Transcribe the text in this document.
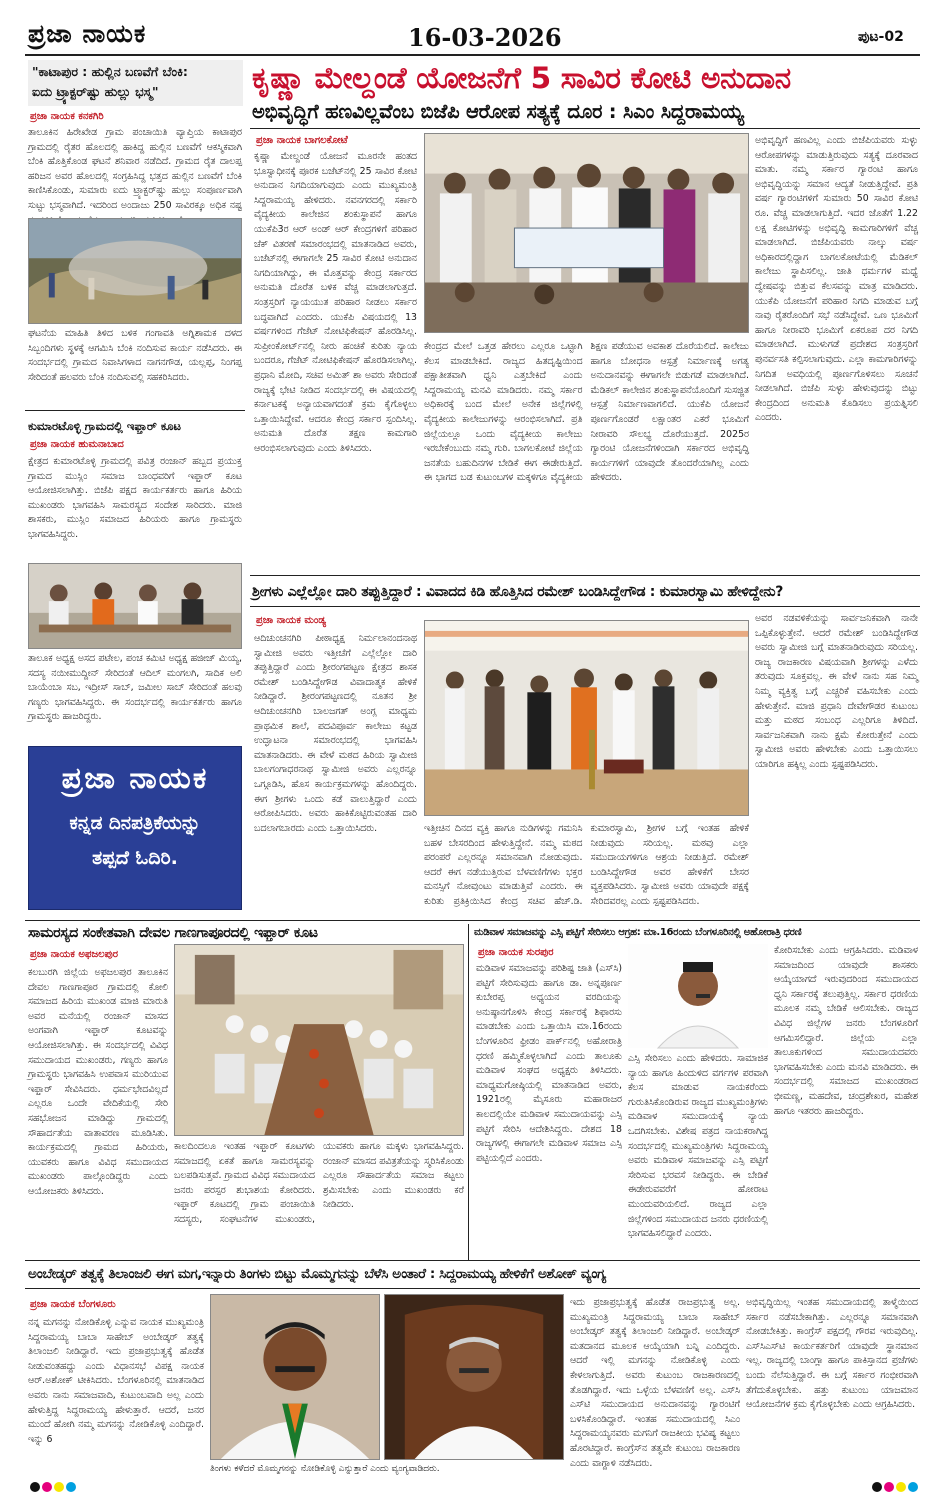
ಪ್ರಜಾ ನಾಯಕ	16-03-2026	ಪುಟ-02
"ಕಾಟಾಪುರ : ಹುಲ್ಲಿನ ಬಣವೆಗೆ ಬೆಂಕಿ:
ಐದು ಟ್ರ್ಯಾಕ್ಟರ್‌ಷ್ಟು ಹುಲ್ಲು ಭಸ್ಮ"
ಪ್ರಜಾ ನಾಯಕ ಕನಕಗಿರಿ
ತಾಲೂಕಿನ ಹಿರೇಖೇಡ ಗ್ರಾಮ ಪಂಚಾಯಿತಿ ವ್ಯಾಪ್ತಿಯ ಕಾಟಾಪುರ ಗ್ರಾಮದಲ್ಲಿ ರೈತರ ಹೊಲದಲ್ಲಿ ಹಾಕಿದ್ದ ಹುಲ್ಲಿನ ಬಣವೆಗೆ ಆಕಸ್ಮಿಕವಾಗಿ ಬೆಂಕಿ ಹೊತ್ತಿಕೊಂಡ ಘಟನೆ ಶನಿವಾರ ನಡೆದಿದೆ. ಗ್ರಾಮದ ರೈತ ದಾಲಪ್ಪ ಹರಿಜನ ಅವರ ಹೊಲದಲ್ಲಿ ಸಂಗ್ರಹಿಸಿದ್ದ ಭತ್ತದ ಹುಲ್ಲಿನ ಬಣವೆಗೆ ಬೆಂಕಿ ಕಾಣಿಸಿಕೊಂಡು, ಸುಮಾರು ಐದು ಟ್ರ್ಯಾಕ್ಟರ್‌ಷ್ಟು ಹುಲ್ಲು ಸಂಪೂರ್ಣವಾಗಿ ಸುಟ್ಟು ಭಸ್ಮವಾಗಿದೆ. ಇದರಿಂದ ಅಂದಾಜು 250 ಸಾವಿರಕ್ಕೂ ಅಧಿಕ ನಷ್ಟ
ಘಟನೆಯ ಮಾಹಿತಿ ತಿಳಿದ ಬಳಿಕ ಗಂಗಾವತಿ ಅಗ್ನಿಶಾಮಕ ದಳದ ಸಿಬ್ಬಂದಿಗಳು ಸ್ಥಳಕ್ಕೆ ಆಗಮಿಸಿ ಬೆಂಕಿ ನಂದಿಸುವ ಕಾರ್ಯ ನಡೆಸಿದರು. ಈ ಸಂದರ್ಭದಲ್ಲಿ ಗ್ರಾಮದ ನಿವಾಸಿಗಳಾದ ನಾಗನಗೌಡ, ಯಲ್ಲಪ್ಪ, ನಿಂಗಪ್ಪ ಸೇರಿದಂತೆ ಹಲವರು ಬೆಂಕಿ ನಂದಿಸುವಲ್ಲಿ ಸಹಕರಿಸಿದರು.
ಕುಮಾರಟೊಳ್ಳಿ ಗ್ರಾಮದಲ್ಲಿ ಇಫ್ತಾರ್ ಕೂಟ
ಪ್ರಜಾ ನಾಯಕ ಹುಮನಾಬಾದ
ಕ್ಷೇತ್ರದ ಕುಮಾರಟೊಳ್ಳಿ ಗ್ರಾಮದಲ್ಲಿ ಪವಿತ್ರ ರಂಜಾನ್ ಹಬ್ಬದ ಪ್ರಯುಕ್ತ ಗ್ರಾಮದ ಮುಸ್ಲಿಂ ಸಮಾಜ ಬಾಂಧವರಿಗೆ ಇಫ್ತಾರ್ ಕೂಟ ಆಯೋಜಿಸಲಾಗಿತ್ತು. ಬಿಜೆಪಿ ಪಕ್ಷದ ಕಾರ್ಯಕರ್ತರು ಹಾಗೂ ಹಿರಿಯ ಮುಖಂಡರು ಭಾಗವಹಿಸಿ ಸಾಮರಸ್ಯದ ಸಂದೇಶ ಸಾರಿದರು. ಮಾಜಿ ಶಾಸಕರು, ಮುಸ್ಲಿಂ ಸಮಾಜದ ಹಿರಿಯರು ಹಾಗೂ ಗ್ರಾಮಸ್ಥರು ಭಾಗವಹಿಸಿದ್ದರು.
ತಾಲೂಕ ಅಧ್ಯಕ್ಷ ಅಸದ ಪಟೇಲ, ಪಂಚ ಕಮಿಟಿ ಅಧ್ಯಕ್ಷ ಹಜೀಜ್ ಮಿಯ್ಯ, ಸದಸ್ಯ ನಯೀಮುದ್ದೀನ್ ಸೇರಿದಂತೆ ಆದಿಲ್ ಮಂಗಲಗಿ, ಸಾದಿಕ ಅಲಿ ಬಾಯೆಂಬಾ ಸಬ, ಇದ್ರೀಸ್ ಸಾಬ್, ಜಮೀಲ ಸಾಬ್ ಸೇರಿದಂತೆ ಹಲವು ಗಣ್ಯರು ಭಾಗವಹಿಸಿದ್ದರು. ಈ ಸಂದರ್ಭದಲ್ಲಿ ಕಾರ್ಯಕರ್ತರು ಹಾಗೂ ಗ್ರಾಮಸ್ಥರು ಹಾಜರಿದ್ದರು.
ಪ್ರಜಾ ನಾಯಕ
ಕನ್ನಡ ದಿನಪತ್ರಿಕೆಯನ್ನು
ತಪ್ಪದೆ ಓದಿರಿ.
ಕೃಷ್ಣಾ ಮೇಲ್ದಂಡೆ ಯೋಜನೆಗೆ 5 ಸಾವಿರ ಕೋಟಿ ಅನುದಾನ
ಅಭಿವೃದ್ಧಿಗೆ ಹಣವಿಲ್ಲವೆಂಬ ಬಿಜೆಪಿ ಆರೋಪ ಸತ್ಯಕ್ಕೆ ದೂರ : ಸಿಎಂ ಸಿದ್ದರಾಮಯ್ಯ
ಪ್ರಜಾ ನಾಯಕ ಬಾಗಲಕೋಟೆ
ಕೃಷ್ಣಾ ಮೇಲ್ದಂಡೆ ಯೋಜನೆ ಮೂರನೇ ಹಂತದ ಭೂಸ್ವಾಧೀನಕ್ಕೆ ಪೂರಕ ಬಜೆಟ್‌ನಲ್ಲಿ 25 ಸಾವಿರ ಕೋಟಿ ಅನುದಾನ ನಿಗದಿಯಾಗುವುದು ಎಂದು ಮುಖ್ಯಮಂತ್ರಿ ಸಿದ್ದರಾಮಯ್ಯ ಹೇಳಿದರು. ನವನಗರದಲ್ಲಿ ಸರ್ಕಾರಿ ವೈದ್ಯಕೀಯ ಕಾಲೇಜಿನ ಶಂಕುಸ್ಥಾಪನೆ ಹಾಗೂ ಯುಕೆಪಿ3ರ ಆರ್ ಅಂಡ್ ಆರ್ ಕೇಂದ್ರಗಳಿಗೆ ಪರಿಹಾರ ಚೆಕ್ ವಿತರಣೆ ಸಮಾರಂಭದಲ್ಲಿ ಮಾತನಾಡಿದ ಅವರು, ಬಜೆಟ್‌ನಲ್ಲಿ ಈಗಾಗಲೇ 25 ಸಾವಿರ ಕೋಟಿ ಅನುದಾನ ನಿಗದಿಯಾಗಿದ್ದು, ಈ ಮೊತ್ತವನ್ನು ಕೇಂದ್ರ ಸರ್ಕಾರದ ಅನುಮತಿ ದೊರೆತ ಬಳಿಕ ವೆಚ್ಚ ಮಾಡಲಾಗುತ್ತದೆ. ಸಂತ್ರಸ್ತರಿಗೆ ನ್ಯಾಯಯುತ ಪರಿಹಾರ ನೀಡಲು ಸರ್ಕಾರ ಬದ್ಧವಾಗಿದೆ ಎಂದರು. ಯುಕೆಪಿ ವಿಷಯದಲ್ಲಿ 13 ವರ್ಷಗಳಿಂದ ಗೆಜೆಟ್ ನೋಟಿಫಿಕೇಷನ್ ಹೊರಡಿಸಿಲ್ಲ. ಸುಪ್ರೀಂಕೋರ್ಟ್‌ನಲ್ಲಿ ನೀರು ಹಂಚಿಕೆ ಕುರಿತು ನ್ಯಾಯ ಬಂದರೂ, ಗೆಜೆಟ್ ನೋಟಿಫಿಕೇಷನ್ ಹೊರಡಿಸಲಾಗಿಲ್ಲ. ಪ್ರಧಾನಿ ಮೋದಿ, ಸಚಿವ ಅಮಿತ್ ಶಾ ಅವರು ಸೇರಿದಂತೆ ರಾಜ್ಯಕ್ಕೆ ಭೇಟಿ ನೀಡಿದ ಸಂದರ್ಭದಲ್ಲಿ ಈ ವಿಷಯದಲ್ಲಿ ಕರ್ನಾಟಕಕ್ಕೆ ಅನ್ಯಾಯವಾಗದಂತೆ ಕ್ರಮ ಕೈಗೊಳ್ಳಲು ಒತ್ತಾಯಿಸಿದ್ದೇವೆ. ಆದರೂ ಕೇಂದ್ರ ಸರ್ಕಾರ ಸ್ಪಂದಿಸಿಲ್ಲ. ಅನುಮತಿ ದೊರೆತ ತಕ್ಷಣ ಕಾಮಗಾರಿ ಆರಂಭಿಸಲಾಗುವುದು ಎಂದು ತಿಳಿಸಿದರು.
ಕೇಂದ್ರದ ಮೇಲೆ ಒತ್ತಡ ಹೇರಲು ಎಲ್ಲರೂ ಒಟ್ಟಾಗಿ ಕೆಲಸ ಮಾಡಬೇಕಿದೆ. ರಾಜ್ಯದ ಹಿತದೃಷ್ಟಿಯಿಂದ ಪಕ್ಷಾತೀತವಾಗಿ ಧ್ವನಿ ಎತ್ತಬೇಕಿದೆ ಎಂದು ಸಿದ್ದರಾಮಯ್ಯ ಮನವಿ ಮಾಡಿದರು. ನಮ್ಮ ಸರ್ಕಾರ ಅಧಿಕಾರಕ್ಕೆ ಬಂದ ಮೇಲೆ ಅನೇಕ ಜಿಲ್ಲೆಗಳಲ್ಲಿ ವೈದ್ಯಕೀಯ ಕಾಲೇಜುಗಳನ್ನು ಆರಂಭಿಸಲಾಗಿದೆ. ಪ್ರತಿ ಜಿಲ್ಲೆಯಲ್ಲೂ ಒಂದು ವೈದ್ಯಕೀಯ ಕಾಲೇಜು ಇರಬೇಕೆಂಬುದು ನಮ್ಮ ಗುರಿ. ಬಾಗಲಕೋಟೆ ಜಿಲ್ಲೆಯ ಜನತೆಯ ಬಹುದಿನಗಳ ಬೇಡಿಕೆ ಈಗ ಈಡೇರುತ್ತಿದೆ. ಈ ಭಾಗದ ಬಡ ಕುಟುಂಬಗಳ ಮಕ್ಕಳಿಗೂ ವೈದ್ಯಕೀಯ ಶಿಕ್ಷಣ ಪಡೆಯುವ ಅವಕಾಶ ದೊರೆಯಲಿದೆ. ಕಾಲೇಜು ಹಾಗೂ ಬೋಧನಾ ಆಸ್ಪತ್ರೆ ನಿರ್ಮಾಣಕ್ಕೆ ಅಗತ್ಯ ಅನುದಾನವನ್ನು ಈಗಾಗಲೇ ಬಿಡುಗಡೆ ಮಾಡಲಾಗಿದೆ. ಮೆಡಿಕಲ್ ಕಾಲೇಜಿನ ಶಂಕುಸ್ಥಾಪನೆಯೊಂದಿಗೆ ಸುಸಜ್ಜಿತ ಆಸ್ಪತ್ರೆ ನಿರ್ಮಾಣವಾಗಲಿದೆ. ಯುಕೆಪಿ ಯೋಜನೆ ಪೂರ್ಣಗೊಂಡರೆ ಲಕ್ಷಾಂತರ ಎಕರೆ ಭೂಮಿಗೆ ನೀರಾವರಿ ಸೌಲಭ್ಯ ದೊರೆಯುತ್ತದೆ. 2025ರ ಗ್ಯಾರಂಟಿ ಯೋಜನೆಗಳಿಂದಾಗಿ ಸರ್ಕಾರದ ಅಭಿವೃದ್ಧಿ ಕಾರ್ಯಗಳಿಗೆ ಯಾವುದೇ ತೊಂದರೆಯಾಗಿಲ್ಲ ಎಂದು ಹೇಳಿದರು.
ಅಭಿವೃದ್ಧಿಗೆ ಹಣವಿಲ್ಲ ಎಂದು ಬಿಜೆಪಿಯವರು ಸುಳ್ಳು ಆರೋಪಗಳನ್ನು ಮಾಡುತ್ತಿರುವುದು ಸತ್ಯಕ್ಕೆ ದೂರವಾದ ಮಾತು. ನಮ್ಮ ಸರ್ಕಾರ ಗ್ಯಾರಂಟಿ ಹಾಗೂ ಅಭಿವೃದ್ಧಿಯನ್ನು ಸಮಾನ ಆದ್ಯತೆ ನೀಡುತ್ತಿದ್ದೇವೆ. ಪ್ರತಿ ವರ್ಷ ಗ್ಯಾರಂಟಿಗಳಿಗೆ ಸುಮಾರು 50 ಸಾವಿರ ಕೋಟಿ ರೂ. ವೆಚ್ಚ ಮಾಡಲಾಗುತ್ತಿದೆ. ಇದರ ಜೊತೆಗೆ 1.22 ಲಕ್ಷ ಕೋಟಿಗಳನ್ನು ಅಭಿವೃದ್ಧಿ ಕಾಮಗಾರಿಗಳಿಗೆ ವೆಚ್ಚ ಮಾಡಲಾಗಿದೆ. ಬಿಜೆಪಿಯವರು ನಾಲ್ಕು ವರ್ಷ ಅಧಿಕಾರದಲ್ಲಿದ್ದಾಗ ಬಾಗಲಕೋಟೆಯಲ್ಲಿ ಮೆಡಿಕಲ್ ಕಾಲೇಜು ಸ್ಥಾಪಿಸಲಿಲ್ಲ. ಜಾತಿ ಧರ್ಮಗಳ ಮಧ್ಯೆ ದ್ವೇಷವನ್ನು ಬಿತ್ತುವ ಕೆಲಸವನ್ನು ಮಾತ್ರ ಮಾಡಿದರು. ಯುಕೆಪಿ ಯೋಜನೆಗೆ ಪರಿಹಾರ ನಿಗದಿ ಮಾಡುವ ಬಗ್ಗೆ ನಾವು ರೈತರೊಂದಿಗೆ ಸಭೆ ನಡೆಸಿದ್ದೇವೆ. ಒಣ ಭೂಮಿಗೆ ಹಾಗೂ ನೀರಾವರಿ ಭೂಮಿಗೆ ಏಕರೂಪ ದರ ನಿಗದಿ ಮಾಡಲಾಗಿದೆ. ಮುಳುಗಡೆ ಪ್ರದೇಶದ ಸಂತ್ರಸ್ತರಿಗೆ ಪುನರ್ವಸತಿ ಕಲ್ಪಿಸಲಾಗುವುದು. ಎಲ್ಲಾ ಕಾಮಗಾರಿಗಳನ್ನು ನಿಗದಿತ ಅವಧಿಯಲ್ಲಿ ಪೂರ್ಣಗೊಳಿಸಲು ಸೂಚನೆ ನೀಡಲಾಗಿದೆ. ಬಿಜೆಪಿ ಸುಳ್ಳು ಹೇಳುವುದನ್ನು ಬಿಟ್ಟು ಕೇಂದ್ರದಿಂದ ಅನುಮತಿ ಕೊಡಿಸಲು ಪ್ರಯತ್ನಿಸಲಿ ಎಂದರು.
ಶ್ರೀಗಳು ಎಲ್ಲೆಲ್ಲೋ ದಾರಿ ತಪ್ಪುತ್ತಿದ್ದಾರೆ : ವಿವಾದದ ಕಿಡಿ ಹೊತ್ತಿಸಿದ ರಮೇಶ್ ಬಂಡಿಸಿದ್ದೇಗೌಡ : ಕುಮಾರಸ್ವಾಮಿ ಹೇಳಿದ್ದೇನು?
ಪ್ರಜಾ ನಾಯಕ ಮಂಡ್ಯ
ಆದಿಚುಂಚನಗಿರಿ ಪೀಠಾಧ್ಯಕ್ಷ ನಿರ್ಮಲಾನಂದನಾಥ ಸ್ವಾಮೀಜಿ ಅವರು ಇತ್ತೀಚೆಗೆ ಎಲ್ಲೆಲ್ಲೋ ದಾರಿ ತಪ್ಪುತ್ತಿದ್ದಾರೆ ಎಂದು ಶ್ರೀರಂಗಪಟ್ಟಣ ಕ್ಷೇತ್ರದ ಶಾಸಕ ರಮೇಶ್ ಬಂಡಿಸಿದ್ದೇಗೌಡ ವಿವಾದಾತ್ಮಕ ಹೇಳಿಕೆ ನೀಡಿದ್ದಾರೆ. ಶ್ರೀರಂಗಪಟ್ಟಣದಲ್ಲಿ ನೂತನ ಶ್ರೀ ಆದಿಚುಂಚನಗಿರಿ ಬಾಲಜಗತ್ ಅಂಗ್ಲ ಮಾಧ್ಯಮ ಪ್ರಾಥಮಿಕ ಶಾಲೆ, ಪದವಿಪೂರ್ವ ಕಾಲೇಜು ಕಟ್ಟಡ ಉದ್ಘಾಟನಾ ಸಮಾರಂಭದಲ್ಲಿ ಭಾಗವಹಿಸಿ ಮಾತನಾಡಿದರು. ಈ ವೇಳೆ ಮಠದ ಹಿರಿಯ ಸ್ವಾಮೀಜಿ ಬಾಲಗಂಗಾಧರನಾಥ ಸ್ವಾಮೀಜಿ ಅವರು ಎಲ್ಲರನ್ನೂ ಒಗ್ಗೂಡಿಸಿ, ಹೊಸ ಕಾರ್ಯಕ್ರಮಗಳನ್ನು ಹೊಂದಿದ್ದರು. ಈಗ ಶ್ರೀಗಳು ಒಂದು ಕಡೆ ವಾಲುತ್ತಿದ್ದಾರೆ ಎಂದು ಆರೋಪಿಸಿದರು. ಅವರು ಹಾಕಿಕೊಟ್ಟಿರುವಂತಹ ದಾರಿ ಬದಲಾಗಬಾರದು ಎಂದು ಒತ್ತಾಯಿಸಿದರು.	ಇತ್ತೀಚಿನ ದಿನದ ವ್ಯಕ್ತಿ ಹಾಗೂ ನುಡಿಗಳನ್ನು ಗಮನಿಸಿ ಬಹಳ ಬೇಸರದಿಂದ ಹೇಳುತ್ತಿದ್ದೇನೆ. ನಮ್ಮ ಮಠದ ಪರಂಪರೆ ಎಲ್ಲರನ್ನೂ ಸಮಾನವಾಗಿ ನೋಡುವುದು. ಆದರೆ ಈಗ ನಡೆಯುತ್ತಿರುವ ಬೆಳವಣಿಗೆಗಳು ಭಕ್ತರ ಮನಸ್ಸಿಗೆ ನೋವುಂಟು ಮಾಡುತ್ತಿವೆ ಎಂದರು. ಈ ಕುರಿತು ಪ್ರತಿಕ್ರಿಯಿಸಿದ ಕೇಂದ್ರ ಸಚಿವ ಹೆಚ್.ಡಿ. ಕುಮಾರಸ್ವಾಮಿ, ಶ್ರೀಗಳ ಬಗ್ಗೆ ಇಂತಹ ಹೇಳಿಕೆ ನೀಡುವುದು ಸರಿಯಲ್ಲ. ಮಠವು ಎಲ್ಲಾ ಸಮುದಾಯಗಳಿಗೂ ಆಶ್ರಯ ನೀಡುತ್ತಿದೆ. ರಮೇಶ್ ಬಂಡಿಸಿದ್ದೇಗೌಡ ಅವರ ಹೇಳಿಕೆಗೆ ಬೇಸರ ವ್ಯಕ್ತಪಡಿಸಿದರು. ಸ್ವಾಮೀಜಿ ಅವರು ಯಾವುದೇ ಪಕ್ಷಕ್ಕೆ ಸೇರಿದವರಲ್ಲ ಎಂದು ಸ್ಪಷ್ಟಪಡಿಸಿದರು.
ಅವರ ನಡವಳಿಕೆಯನ್ನು ಸಾರ್ವಜನಿಕವಾಗಿ ನಾನೇ ಒಪ್ಪಿಕೊಳ್ಳುತ್ತೇನೆ. ಆದರೆ ರಮೇಶ್ ಬಂಡಿಸಿದ್ದೇಗೌಡ ಅವರು ಸ್ವಾಮೀಜಿ ಬಗ್ಗೆ ಮಾತನಾಡಿರುವುದು ಸರಿಯಲ್ಲ. ರಾಜ್ಯ ರಾಜಕಾರಣ ವಿಷಯವಾಗಿ ಶ್ರೀಗಳನ್ನು ಎಳೆದು ತರುವುದು ಸೂಕ್ತವಲ್ಲ. ಈ ವೇಳೆ ನಾನು ಸಹ ನಿಮ್ಮ ನಿಮ್ಮ ವ್ಯಕ್ತಿತ್ವ ಬಗ್ಗೆ ಎಚ್ಚರಿಕೆ ವಹಿಸಬೇಕು ಎಂದು ಹೇಳುತ್ತೇನೆ. ಮಾಜಿ ಪ್ರಧಾನಿ ದೇವೇಗೌಡರ ಕುಟುಂಬ ಮತ್ತು ಮಠದ ಸಂಬಂಧ ಎಲ್ಲರಿಗೂ ತಿಳಿದಿದೆ. ಸಾರ್ವಜನಿಕವಾಗಿ ನಾನು ಕ್ಷಮೆ ಕೋರುತ್ತೇನೆ ಎಂದು ಸ್ವಾಮೀಜಿ ಅವರು ಹೇಳಬೇಕು ಎಂದು ಒತ್ತಾಯಿಸಲು ಯಾರಿಗೂ ಹಕ್ಕಿಲ್ಲ ಎಂದು ಸ್ಪಷ್ಟಪಡಿಸಿದರು.
ಸಾಮರಸ್ಯದ ಸಂಕೇತವಾಗಿ ದೇವಲ ಗಾಣಗಾಪೂರದಲ್ಲಿ ಇಫ್ತಾರ್ ಕೂಟ
ಪ್ರಜಾ ನಾಯಕ ಅಫಜಲಪುರ
ಕಲಬುರಗಿ ಜಿಲ್ಲೆಯ ಅಫಜಲಪುರ ತಾಲೂಕಿನ ದೇವಲ ಗಾಣಗಾಪೂರ ಗ್ರಾಮದಲ್ಲಿ ಕೋಲಿ ಸಮಾಜದ ಹಿರಿಯ ಮುಖಂಡ ಮಾಜಿ ಮಾರುತಿ ಅವರ ಮನೆಯಲ್ಲಿ ರಂಜಾನ್ ಮಾಸದ ಅಂಗವಾಗಿ ಇಫ್ತಾರ್ ಕೂಟವನ್ನು ಆಯೋಜಿಸಲಾಗಿತ್ತು. ಈ ಸಂದರ್ಭದಲ್ಲಿ ವಿವಿಧ ಸಮುದಾಯದ ಮುಖಂಡರು, ಗಣ್ಯರು ಹಾಗೂ ಗ್ರಾಮಸ್ಥರು ಭಾಗವಹಿಸಿ ಉಪವಾಸ ಮುರಿಯುವ ಇಫ್ತಾರ್ ಸೇವಿಸಿದರು. ಧರ್ಮಭೇದವಿಲ್ಲದೆ ಎಲ್ಲರೂ ಒಂದೇ ವೇದಿಕೆಯಲ್ಲಿ ಸೇರಿ ಸಹಭೋಜನ ಮಾಡಿದ್ದು ಗ್ರಾಮದಲ್ಲಿ ಸೌಹಾರ್ದತೆಯ ವಾತಾವರಣ ಮೂಡಿಸಿತು. ಕಾರ್ಯಕ್ರಮದಲ್ಲಿ ಗ್ರಾಮದ ಹಿರಿಯರು, ಯುವಕರು ಹಾಗೂ ವಿವಿಧ ಸಮುದಾಯದ ಮುಖಂಡರು ಪಾಲ್ಗೊಂಡಿದ್ದರು ಎಂದು ಆಯೋಜಕರು ತಿಳಿಸಿದರು.
ಕಾಲದಿಂದಲೂ ಇಂತಹ ಇಫ್ತಾರ್ ಕೂಟಗಳು ಸಮಾಜದಲ್ಲಿ ಏಕತೆ ಹಾಗೂ ಸಾಮರಸ್ಯವನ್ನು ಬಲಪಡಿಸುತ್ತವೆ. ಗ್ರಾಮದ ವಿವಿಧ ಸಮುದಾಯದ ಜನರು ಪರಸ್ಪರ ಶುಭಾಶಯ ಕೋರಿದರು. ಇಫ್ತಾರ್ ಕೂಟದಲ್ಲಿ ಗ್ರಾಮ ಪಂಚಾಯಿತಿ ಸದಸ್ಯರು, ಸಂಘಟನೆಗಳ ಮುಖಂಡರು, ಯುವಕರು ಹಾಗೂ ಮಕ್ಕಳು ಭಾಗವಹಿಸಿದ್ದರು. ರಂಜಾನ್ ಮಾಸದ ಪವಿತ್ರತೆಯನ್ನು ಸ್ಮರಿಸಿಕೊಂಡು ಎಲ್ಲರೂ ಸೌಹಾರ್ದತೆಯ ಸಮಾಜ ಕಟ್ಟಲು ಶ್ರಮಿಸಬೇಕು ಎಂದು ಮುಖಂಡರು ಕರೆ ನೀಡಿದರು.
ಮಡಿವಾಳ ಸಮಾಜವನ್ನು ಎಸ್ಸಿ ಪಟ್ಟಿಗೆ ಸೇರಿಸಲು ಆಗ್ರಹ: ಮಾ.16ರಂದು ಬೆಂಗಳೂರಿನಲ್ಲಿ ಅಹೋರಾತ್ರಿ ಧರಣಿ
ಪ್ರಜಾ ನಾಯಕ ಸುರಪುರ
ಮಡಿವಾಳ ಸಮಾಜವನ್ನು ಪರಿಶಿಷ್ಟ ಜಾತಿ (ಎಸ್‌ಸಿ) ಪಟ್ಟಿಗೆ ಸೇರಿಸುವುದು ಹಾಗೂ ಡಾ. ಅನ್ನಪೂರ್ಣ ಕುಬೇರಪ್ಪ ಅಧ್ಯಯನ ವರದಿಯನ್ನು ಅನುಷ್ಠಾನಗೊಳಿಸಿ ಕೇಂದ್ರ ಸರ್ಕಾರಕ್ಕೆ ಶಿಫಾರಸು ಮಾಡಬೇಕು ಎಂದು ಒತ್ತಾಯಿಸಿ ಮಾ.16ರಂದು ಬೆಂಗಳೂರಿನ ಫ್ರೀಡಂ ಪಾರ್ಕ್‌ನಲ್ಲಿ ಅಹೋರಾತ್ರಿ ಧರಣಿ ಹಮ್ಮಿಕೊಳ್ಳಲಾಗಿದೆ ಎಂದು ತಾಲೂಕು ಮಡಿವಾಳ ಸಂಘದ ಅಧ್ಯಕ್ಷರು ತಿಳಿಸಿದರು. ಮಾಧ್ಯಮಗೋಷ್ಠಿಯಲ್ಲಿ ಮಾತನಾಡಿದ ಅವರು, 1921ರಲ್ಲಿ ಮೈಸೂರು ಮಹಾರಾಜರ ಕಾಲದಲ್ಲಿಯೇ ಮಡಿವಾಳ ಸಮುದಾಯವನ್ನು ಎಸ್ಸಿ ಪಟ್ಟಿಗೆ ಸೇರಿಸಿ ಆದೇಶಿಸಿದ್ದರು. ದೇಶದ 18 ರಾಜ್ಯಗಳಲ್ಲಿ ಈಗಾಗಲೇ ಮಡಿವಾಳ ಸಮಾಜ ಎಸ್ಸಿ ಪಟ್ಟಿಯಲ್ಲಿದೆ ಎಂದರು.
ಎಸ್ಸಿ ಸೇರಿಸಲು ಎಂದು ಹೇಳಿದರು. ಸಾಮಾಜಿಕ ನ್ಯಾಯ ಹಾಗೂ ಹಿಂದುಳಿದ ವರ್ಗಗಳ ಪರವಾಗಿ ಕೆಲಸ ಮಾಡುವ ನಾಯಕರೆಂದು ಗುರುತಿಸಿಕೊಂಡಿರುವ ರಾಜ್ಯದ ಮುಖ್ಯಮಂತ್ರಿಗಳು ಮಡಿವಾಳ ಸಮುದಾಯಕ್ಕೆ ನ್ಯಾಯ ಒದಗಿಸಬೇಕು. ವಿಶೇಷ ಪತ್ರದ ನಾಯಕರಾಗಿದ್ದ ಸಂದರ್ಭದಲ್ಲಿ ಮುಖ್ಯಮಂತ್ರಿಗಳು ಸಿದ್ದರಾಮಯ್ಯ ಅವರು ಮಡಿವಾಳ ಸಮಾಜವನ್ನು ಎಸ್ಸಿ ಪಟ್ಟಿಗೆ ಸೇರಿಸುವ ಭರವಸೆ ನೀಡಿದ್ದರು. ಈ ಬೇಡಿಕೆ ಈಡೇರುವವರೆಗೆ ಹೋರಾಟ ಮುಂದುವರಿಯಲಿದೆ. ರಾಜ್ಯದ ಎಲ್ಲಾ ಜಿಲ್ಲೆಗಳಿಂದ ಸಮುದಾಯದ ಜನರು ಧರಣಿಯಲ್ಲಿ ಭಾಗವಹಿಸಲಿದ್ದಾರೆ ಎಂದರು.
ಕೋರಿಸಬೇಕು ಎಂದು ಆಗ್ರಹಿಸಿದರು. ಮಡಿವಾಳ ಸಮಾಜದಿಂದ ಯಾವುದೇ ಶಾಸಕರು ಆಯ್ಕೆಯಾಗದೆ ಇರುವುದರಿಂದ ಸಮುದಾಯದ ಧ್ವನಿ ಸರ್ಕಾರಕ್ಕೆ ತಲುಪುತ್ತಿಲ್ಲ. ಸರ್ಕಾರ ಧರಣಿಯ ಮೂಲಕ ನಮ್ಮ ಬೇಡಿಕೆ ಆಲಿಸಬೇಕು. ರಾಜ್ಯದ ವಿವಿಧ ಜಿಲ್ಲೆಗಳ ಜನರು ಬೆಂಗಳೂರಿಗೆ ಆಗಮಿಸಲಿದ್ದಾರೆ. ಜಿಲ್ಲೆಯ ಎಲ್ಲಾ ತಾಲೂಕುಗಳಿಂದ ಸಮುದಾಯದವರು ಭಾಗವಹಿಸಬೇಕು ಎಂದು ಮನವಿ ಮಾಡಿದರು. ಈ ಸಂದರ್ಭದಲ್ಲಿ ಸಮಾಜದ ಮುಖಂಡರಾದ ಭೀಮಣ್ಣ, ಮಹದೇವ, ಚಂದ್ರಶೇಖರ, ಮಹೇಶ ಹಾಗೂ ಇತರರು ಹಾಜರಿದ್ದರು.
ಅಂಬೇಡ್ಕರ್ ತತ್ವಕ್ಕೆ ತಿಲಾಂಜಲಿ ಈಗ ಮಗ,ಇನ್ನಾರು ತಿಂಗಳು ಬಿಟ್ಟು ಮೊಮ್ಮಗನನ್ನು ಬೆಳೆಸಿ ಅಂತಾರೆ : ಸಿದ್ದರಾಮಯ್ಯ ಹೇಳಿಕೆಗೆ ಅಶೋಕ್ ವ್ಯಂಗ್ಯ
ಪ್ರಜಾ ನಾಯಕ ಬೆಂಗಳೂರು
ನನ್ನ ಮಗನನ್ನು ನೋಡಿಕೊಳ್ಳಿ ಎನ್ನುವ ನಾಯಕ ಮುಖ್ಯಮಂತ್ರಿ ಸಿದ್ದರಾಮಯ್ಯ ಬಾಬಾ ಸಾಹೇಬ್ ಅಂಬೇಡ್ಕರ್ ತತ್ವಕ್ಕೆ ತಿಲಾಂಜಲಿ ನೀಡಿದ್ದಾರೆ. ಇದು ಪ್ರಜಾಪ್ರಭುತ್ವಕ್ಕೆ ಹೊಡೆತ ನೀಡುವಂತಹದ್ದು ಎಂದು ವಿಧಾನಸಭೆ ವಿಪಕ್ಷ ನಾಯಕ ಆರ್.ಅಶೋಕ್ ಟೀಕಿಸಿದರು. ಬೆಂಗಳೂರಿನಲ್ಲಿ ಮಾತನಾಡಿದ ಅವರು ನಾನು ಸಮಾಜವಾದಿ, ಕುಟುಂಬವಾದಿ ಅಲ್ಲ ಎಂದು ಹೇಳುತ್ತಿದ್ದ ಸಿದ್ದರಾಮಯ್ಯ ಹೇಳುತ್ತಾರೆ. ಆದರೆ, ಜನರ ಮುಂದೆ ಹೋಗಿ ನಮ್ಮ ಮಗನನ್ನು ನೋಡಿಕೊಳ್ಳಿ ಎಂದಿದ್ದಾರೆ. ಇನ್ನು 6
ತಿಂಗಳು ಕಳೆದರೆ ಮೊಮ್ಮಗನನ್ನು ನೋಡಿಕೊಳ್ಳಿ ಎನ್ನುತ್ತಾರೆ ಎಂದು ವ್ಯಂಗ್ಯವಾಡಿದರು.
ಇದು ಪ್ರಜಾಪ್ರಭುತ್ವಕ್ಕೆ ಹೊಡೆತ ರಾಜಪ್ರಭುತ್ವ ಅಲ್ಲ. ಮುಖ್ಯಮಂತ್ರಿ ಸಿದ್ದರಾಮಯ್ಯ ಬಾಬಾ ಸಾಹೇಬ್ ಅಂಬೇಡ್ಕರ್ ತತ್ವಕ್ಕೆ ತಿಲಾಂಜಲಿ ನೀಡಿದ್ದಾರೆ. ಅಂಬೇಡ್ಕರ್ ಮತದಾನದ ಮೂಲಕ ಆಯ್ಕೆಯಾಗಿ ಬನ್ನಿ ಎಂದಿದ್ದರು. ಆದರೆ ಇಲ್ಲಿ ಮಗನನ್ನು ನೋಡಿಕೊಳ್ಳಿ ಎಂದು ಕೇಳಲಾಗುತ್ತಿದೆ. ಅವರು ಕುಟುಂಬ ರಾಜಕಾರಣದಲ್ಲಿ ತೊಡಗಿದ್ದಾರೆ. ಇದು ಒಳ್ಳೆಯ ಬೆಳವಣಿಗೆ ಅಲ್ಲ. ಎಸ್‌ಸಿ ಎಸ್‌ಟಿ ಸಮುದಾಯದ ಅನುದಾನವನ್ನು ಗ್ಯಾರಂಟಿಗೆ ಬಳಸಿಕೊಂಡಿದ್ದಾರೆ. ಇಂತಹ ಸಮುದಾಯದಲ್ಲಿ ಸಿಎಂ ಸಿದ್ದರಾಮಯ್ಯನವರು ಮಗನಿಗೆ ರಾಜಕೀಯ ಭವಿಷ್ಯ ಕಟ್ಟಲು ಹೊರಟಿದ್ದಾರೆ. ಕಾಂಗ್ರೆಸ್‌ನ ತತ್ವವೇ ಕುಟುಂಬ ರಾಜಕಾರಣ ಎಂದು ವಾಗ್ದಾಳಿ ನಡೆಸಿದರು.
ಅಭಿವೃದ್ಧಿಯಿಲ್ಲ ಇಂತಹ ಸಮುದಾಯದಲ್ಲಿ ತಾಳ್ಮೆಯಿಂದ ಸರ್ಕಾರ ನಡೆಸಬೇಕಾಗಿತ್ತು. ಎಲ್ಲರನ್ನೂ ಸಮಾನವಾಗಿ ನೋಡಬೇಕಿತ್ತು. ಕಾಂಗ್ರೆಸ್ ಪಕ್ಷದಲ್ಲಿ ಗೌರವ ಇರುವುದಿಲ್ಲ. ಎಸ್‌ಸಿಎಸ್‌ಟಿ ಕಾರ್ಯಕರ್ತರಿಗೆ ಯಾವುದೇ ಸ್ಥಾನಮಾನ ಇಲ್ಲ. ರಾಜ್ಯದಲ್ಲಿ ಬಾಂಗ್ಲಾ ಹಾಗೂ ಪಾಕಿಸ್ತಾನದ ಪ್ರಜೆಗಳು ಬಂದು ನೆಲೆಸುತ್ತಿದ್ದಾರೆ. ಈ ಬಗ್ಗೆ ಸರ್ಕಾರ ಗಂಭೀರವಾಗಿ ತೆಗೆದುಕೊಳ್ಳಬೇಕು. ಹತ್ತು ಕುಟುಂಬ ಯಾಜಮಾನ ಆಯೋಜನೆಗಳ ಕ್ರಮ ಕೈಗೊಳ್ಳಬೇಕು ಎಂದು ಆಗ್ರಹಿಸಿದರು.
